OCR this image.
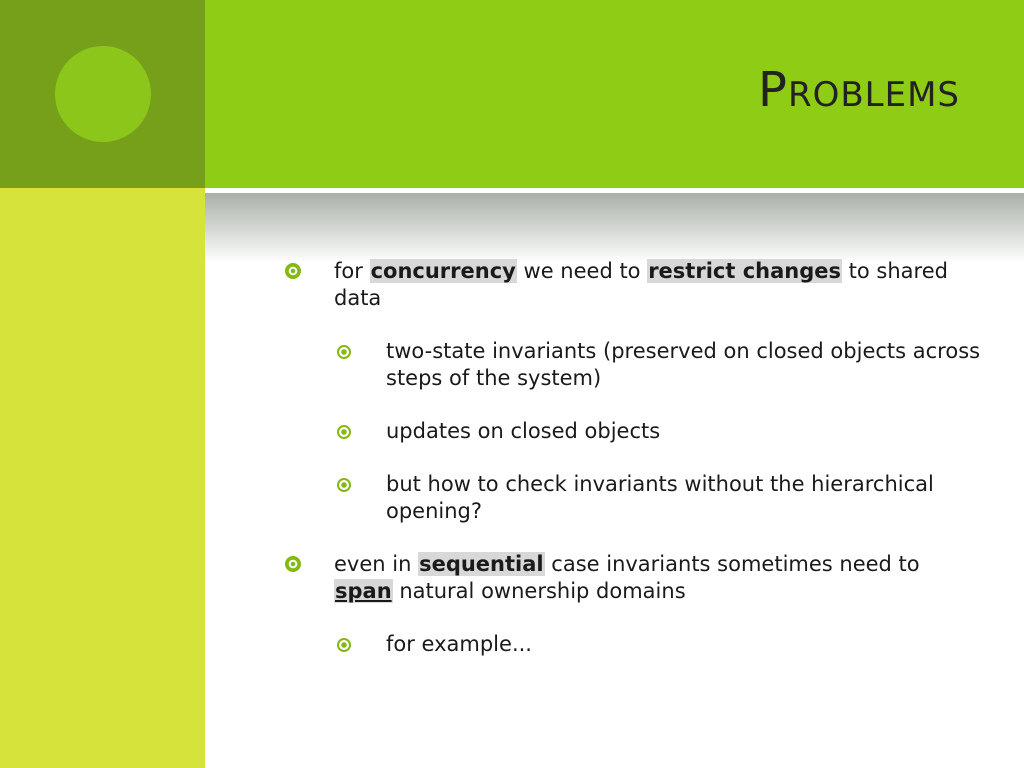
Problems
for concurrency we need to restrict changes to shared data
two-state invariants (preserved on closed objects across steps of the system)
updates on closed objects
but how to check invariants without the hierarchical opening?
even in sequential case invariants sometimes need to span natural ownership domains
for example...
